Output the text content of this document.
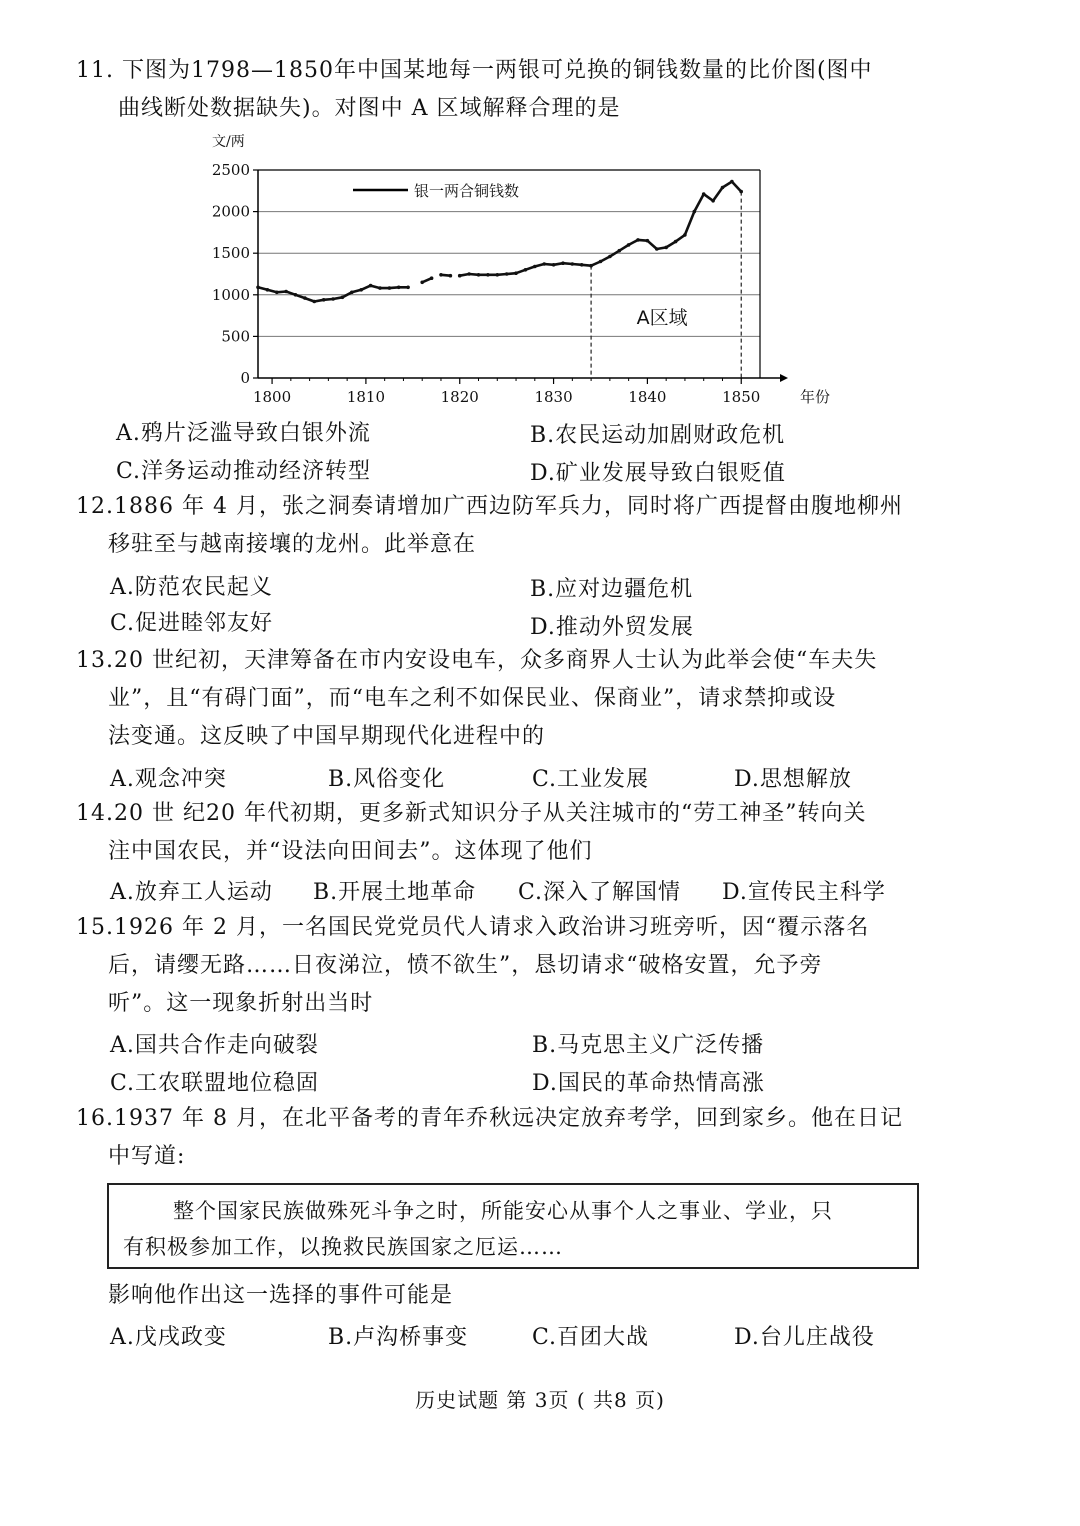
11. 下图为1798—1850年中国某地每一两银可兑换的铜钱数量的比价图(图中
曲线断处数据缺失)。对图中 A 区域解释合理的是
0
500
1000
1500
2000
2500
1800	1810	1820	1830	1840	1850
文/两
年份
A区域
银一两合铜钱数
A.鸦片泛滥导致白银外流	B.农民运动加剧财政危机
C.洋务运动推动经济转型	D.矿业发展导致白银贬值
12.1886 年 4 月，张之洞奏请增加广西边防军兵力，同时将广西提督由腹地柳州
移驻至与越南接壤的龙州。此举意在
A.防范农民起义	B.应对边疆危机
C.促进睦邻友好	D.推动外贸发展
13.20 世纪初，天津筹备在市内安设电车，众多商界人士认为此举会使“车夫失
业”，且“有碍门面”，而“电车之利不如保民业、保商业”，请求禁抑或设
法变通。这反映了中国早期现代化进程中的
A.观念冲突	B.风俗变化	C.工业发展	D.思想解放
14.20 世 纪20 年代初期，更多新式知识分子从关注城市的“劳工神圣”转向关
注中国农民，并“设法向田间去”。这体现了他们
A.放弃工人运动 B.开展土地革命 C.深入了解国情 D.宣传民主科学
15.1926 年 2 月，一名国民党党员代人请求入政治讲习班旁听，因“覆示落名
后，请缨无路……日夜涕泣，愤不欲生”，恳切请求“破格安置，允予旁
听”。这一现象折射出当时
A.国共合作走向破裂	B.马克思主义广泛传播
C.工农联盟地位稳固	D.国民的革命热情高涨
16.1937 年 8 月，在北平备考的青年乔秋远决定放弃考学，回到家乡。他在日记
中写道:
整个国家民族做殊死斗争之时，所能安心从事个人之事业、学业，只
有积极参加工作，以挽救民族国家之厄运……
影响他作出这一选择的事件可能是
A.戊戌政变	B.卢沟桥事变	C.百团大战	D.台儿庄战役
历史试题 第 3页 ( 共8 页)
